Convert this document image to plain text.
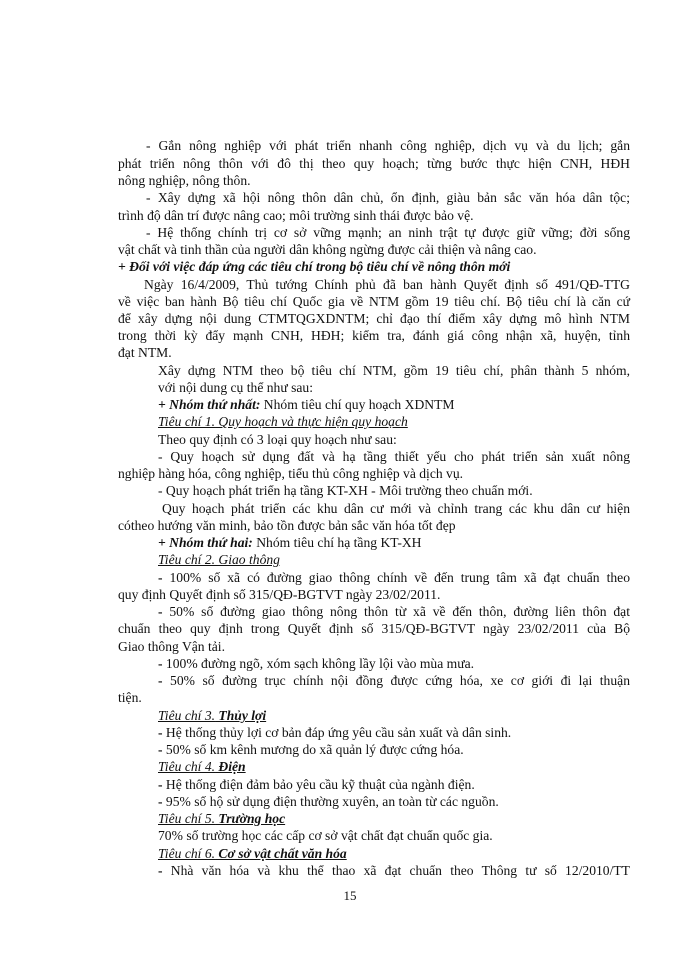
- Gắn nông nghiệp với phát triển nhanh công nghiệp, dịch vụ và du lịch; gắn
phát triển nông thôn với đô thị theo quy hoạch; từng bước thực hiện CNH, HĐH
nông nghiệp, nông thôn.
- Xây dựng xã hội nông thôn dân chủ, ổn định, giàu bản sắc văn hóa dân tộc;
trình độ dân trí được nâng cao; môi trường sinh thái được bảo vệ.
- Hệ thống chính trị cơ sở vững mạnh; an ninh trật tự được giữ vững; đời sống
vật chất và tinh thần của người dân không ngừng được cải thiện và nâng cao.
+ Đối với việc đáp ứng các tiêu chí trong bộ tiêu chí về nông thôn mới
Ngày 16/4/2009, Thủ tướng Chính phủ đã ban hành Quyết định số 491/QĐ-TTG
về việc ban hành Bộ tiêu chí Quốc gia về NTM gồm 19 tiêu chí. Bộ tiêu chí là căn cứ
để xây dựng nội dung CTMTQGXDNTM; chỉ đạo thí điểm xây dựng mô hình NTM
trong thời kỳ đẩy mạnh CNH, HĐH; kiểm tra, đánh giá công nhận xã, huyện, tỉnh
đạt NTM.
Xây dựng NTM theo bộ tiêu chí NTM, gồm 19 tiêu chí, phân thành 5 nhóm,
với nội dung cụ thể như sau:
+ Nhóm thứ nhất: Nhóm tiêu chí quy hoạch XDNTM
Tiêu chí 1. Quy hoạch và thực hiện quy hoạch
Theo quy định có 3 loại quy hoạch như sau:
- Quy hoạch sử dụng đất và hạ tầng thiết yếu cho phát triển sản xuất nông
nghiệp hàng hóa, công nghiệp, tiểu thủ công nghiệp và dịch vụ.
- Quy hoạch phát triển hạ tầng KT-XH - Môi trường theo chuẩn mới.
Quy hoạch phát triển các khu dân cư mới và chỉnh trang các khu dân cư hiện
cótheo hướng văn minh, bảo tồn được bản sắc văn hóa tốt đẹp
+ Nhóm thứ hai: Nhóm tiêu chí hạ tầng KT-XH
Tiêu chí 2. Giao thông
- 100% số xã có đường giao thông chính về đến trung tâm xã đạt chuẩn theo
quy định Quyết định số 315/QĐ-BGTVT ngày 23/02/2011.
- 50% số đường giao thông nông thôn từ xã về đến thôn, đường liên thôn đạt
chuẩn theo quy định trong Quyết định số 315/QĐ-BGTVT ngày 23/02/2011 của Bộ
Giao thông Vận tải.
- 100% đường ngõ, xóm sạch không lầy lội vào mùa mưa.
- 50% số đường trục chính nội đồng được cứng hóa, xe cơ giới đi lại thuận
tiện.
Tiêu chí 3. Thủy lợi
- Hệ thống thủy lợi cơ bản đáp ứng yêu cầu sản xuất và dân sinh.
- 50% số km kênh mương do xã quản lý được cứng hóa.
Tiêu chí 4. Điện
- Hệ thống điện đảm bảo yêu cầu kỹ thuật của ngành điện.
- 95% số hộ sử dụng điện thường xuyên, an toàn từ các nguồn.
Tiêu chí 5. Trường học
70% số trường học các cấp cơ sở vật chất đạt chuẩn quốc gia.
Tiêu chí 6. Cơ sở vật chất văn hóa
- Nhà văn hóa và khu thể thao xã đạt chuẩn theo Thông tư số 12/2010/TT
15
